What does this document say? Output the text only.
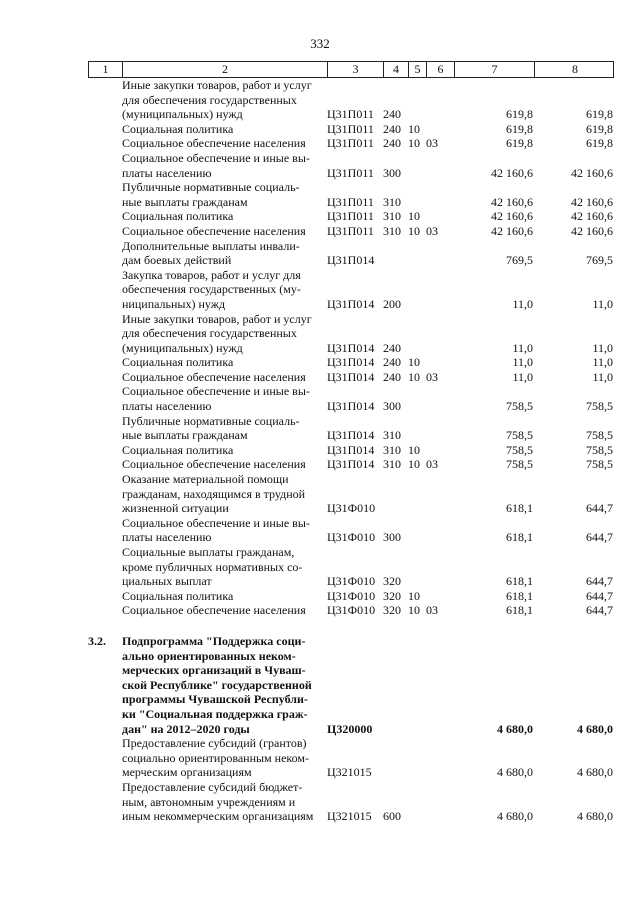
332
1	2	3	4	5	6	7	8
Иные закупки товаров, работ и услуг
для обеспечения государственных
(муниципальных) нужд	Ц31П011 240	619,8	619,8
Социальная политика	Ц31П011 240 10	619,8	619,8
Социальное обеспечение населения	Ц31П011 240 10 03	619,8	619,8
Социальное обеспечение и иные вы-
платы населению	Ц31П011 300	42 160,6	42 160,6
Публичные нормативные социаль-
ные выплаты гражданам	Ц31П011 310	42 160,6	42 160,6
Социальная политика	Ц31П011 310 10	42 160,6	42 160,6
Социальное обеспечение населения	Ц31П011 310 10 03	42 160,6	42 160,6
Дополнительные выплаты инвали-
дам боевых действий	Ц31П014	769,5	769,5
Закупка товаров, работ и услуг для
обеспечения государственных (му-
ниципальных) нужд	Ц31П014 200	11,0	11,0
Иные закупки товаров, работ и услуг
для обеспечения государственных
(муниципальных) нужд	Ц31П014 240	11,0	11,0
Социальная политика	Ц31П014 240 10	11,0	11,0
Социальное обеспечение населения	Ц31П014 240 10 03	11,0	11,0
Социальное обеспечение и иные вы-
платы населению	Ц31П014 300	758,5	758,5
Публичные нормативные социаль-
ные выплаты гражданам	Ц31П014 310	758,5	758,5
Социальная политика	Ц31П014 310 10	758,5	758,5
Социальное обеспечение населения	Ц31П014 310 10 03	758,5	758,5
Оказание материальной помощи
гражданам, находящимся в трудной
жизненной ситуации	Ц31Ф010	618,1	644,7
Социальное обеспечение и иные вы-
платы населению	Ц31Ф010 300	618,1	644,7
Социальные выплаты гражданам,
кроме публичных нормативных со-
циальных выплат	Ц31Ф010 320	618,1	644,7
Социальная политика	Ц31Ф010 320 10	618,1	644,7
Социальное обеспечение населения	Ц31Ф010 320 10 03	618,1	644,7
3.2.	Подпрограмма "Поддержка соци-
ально ориентированных неком-
мерческих организаций в Чуваш-
ской Республике" государственной
программы Чувашской Республи-
ки "Социальная поддержка граж-
дан" на 2012–2020 годы	Ц320000	4 680,0	4 680,0
Предоставление субсидий (грантов)
социально ориентированным неком-
мерческим организациям	Ц321015	4 680,0	4 680,0
Предоставление субсидий бюджет-
ным, автономным учреждениям и
иным некоммерческим организациям	Ц321015 600	4 680,0	4 680,0
